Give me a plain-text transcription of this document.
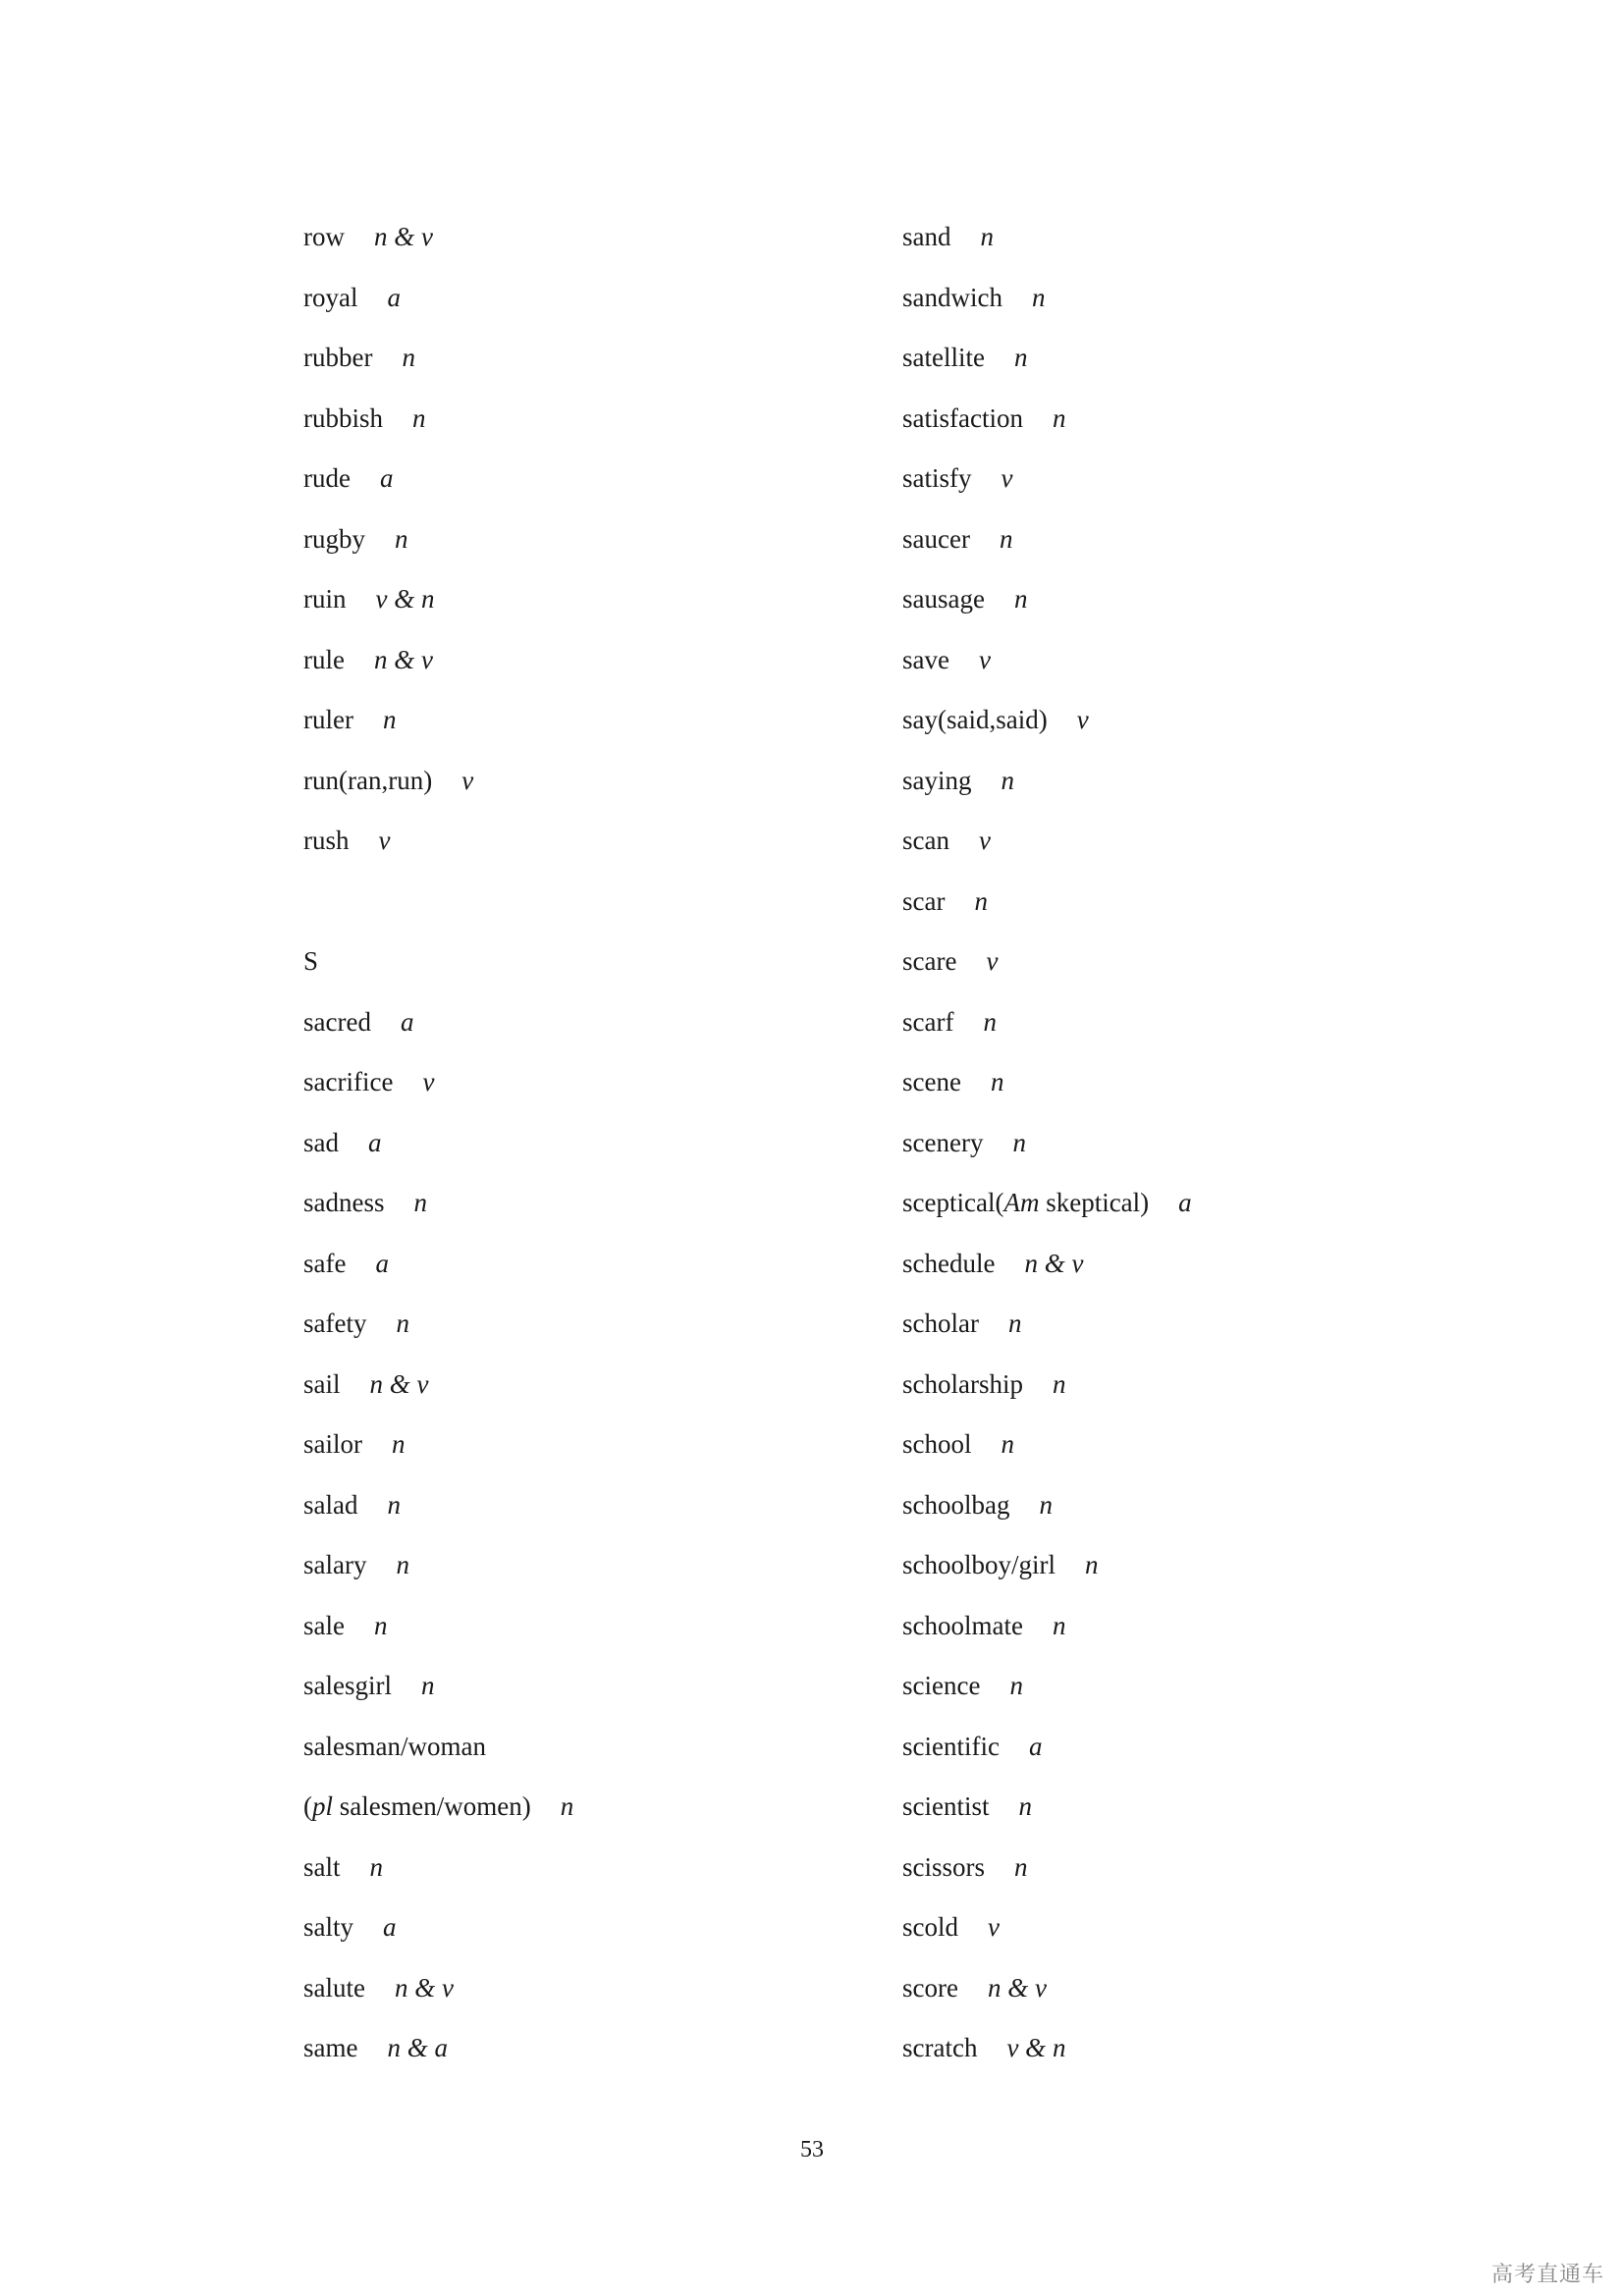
row n & v
royal a
rubber n
rubbish n
rude a
rugby n
ruin v & n
rule n & v
ruler n
run(ran,run) v
rush v
S
sacred a
sacrifice v
sad a
sadness n
safe a
safety n
sail n & v
sailor n
salad n
salary n
sale n
salesgirl n
salesman/woman
(pl salesmen/women) n
salt n
salty a
salute n & v
same n & a
sand n
sandwich n
satellite n
satisfaction n
satisfy v
saucer n
sausage n
save v
say(said,said) v
saying n
scan v
scar n
scare v
scarf n
scene n
scenery n
sceptical(Am skeptical) a
schedule n & v
scholar n
scholarship n
school n
schoolbag n
schoolboy/girl n
schoolmate n
science n
scientific a
scientist n
scissors n
scold v
score n & v
scratch v & n
53
高考直通车
